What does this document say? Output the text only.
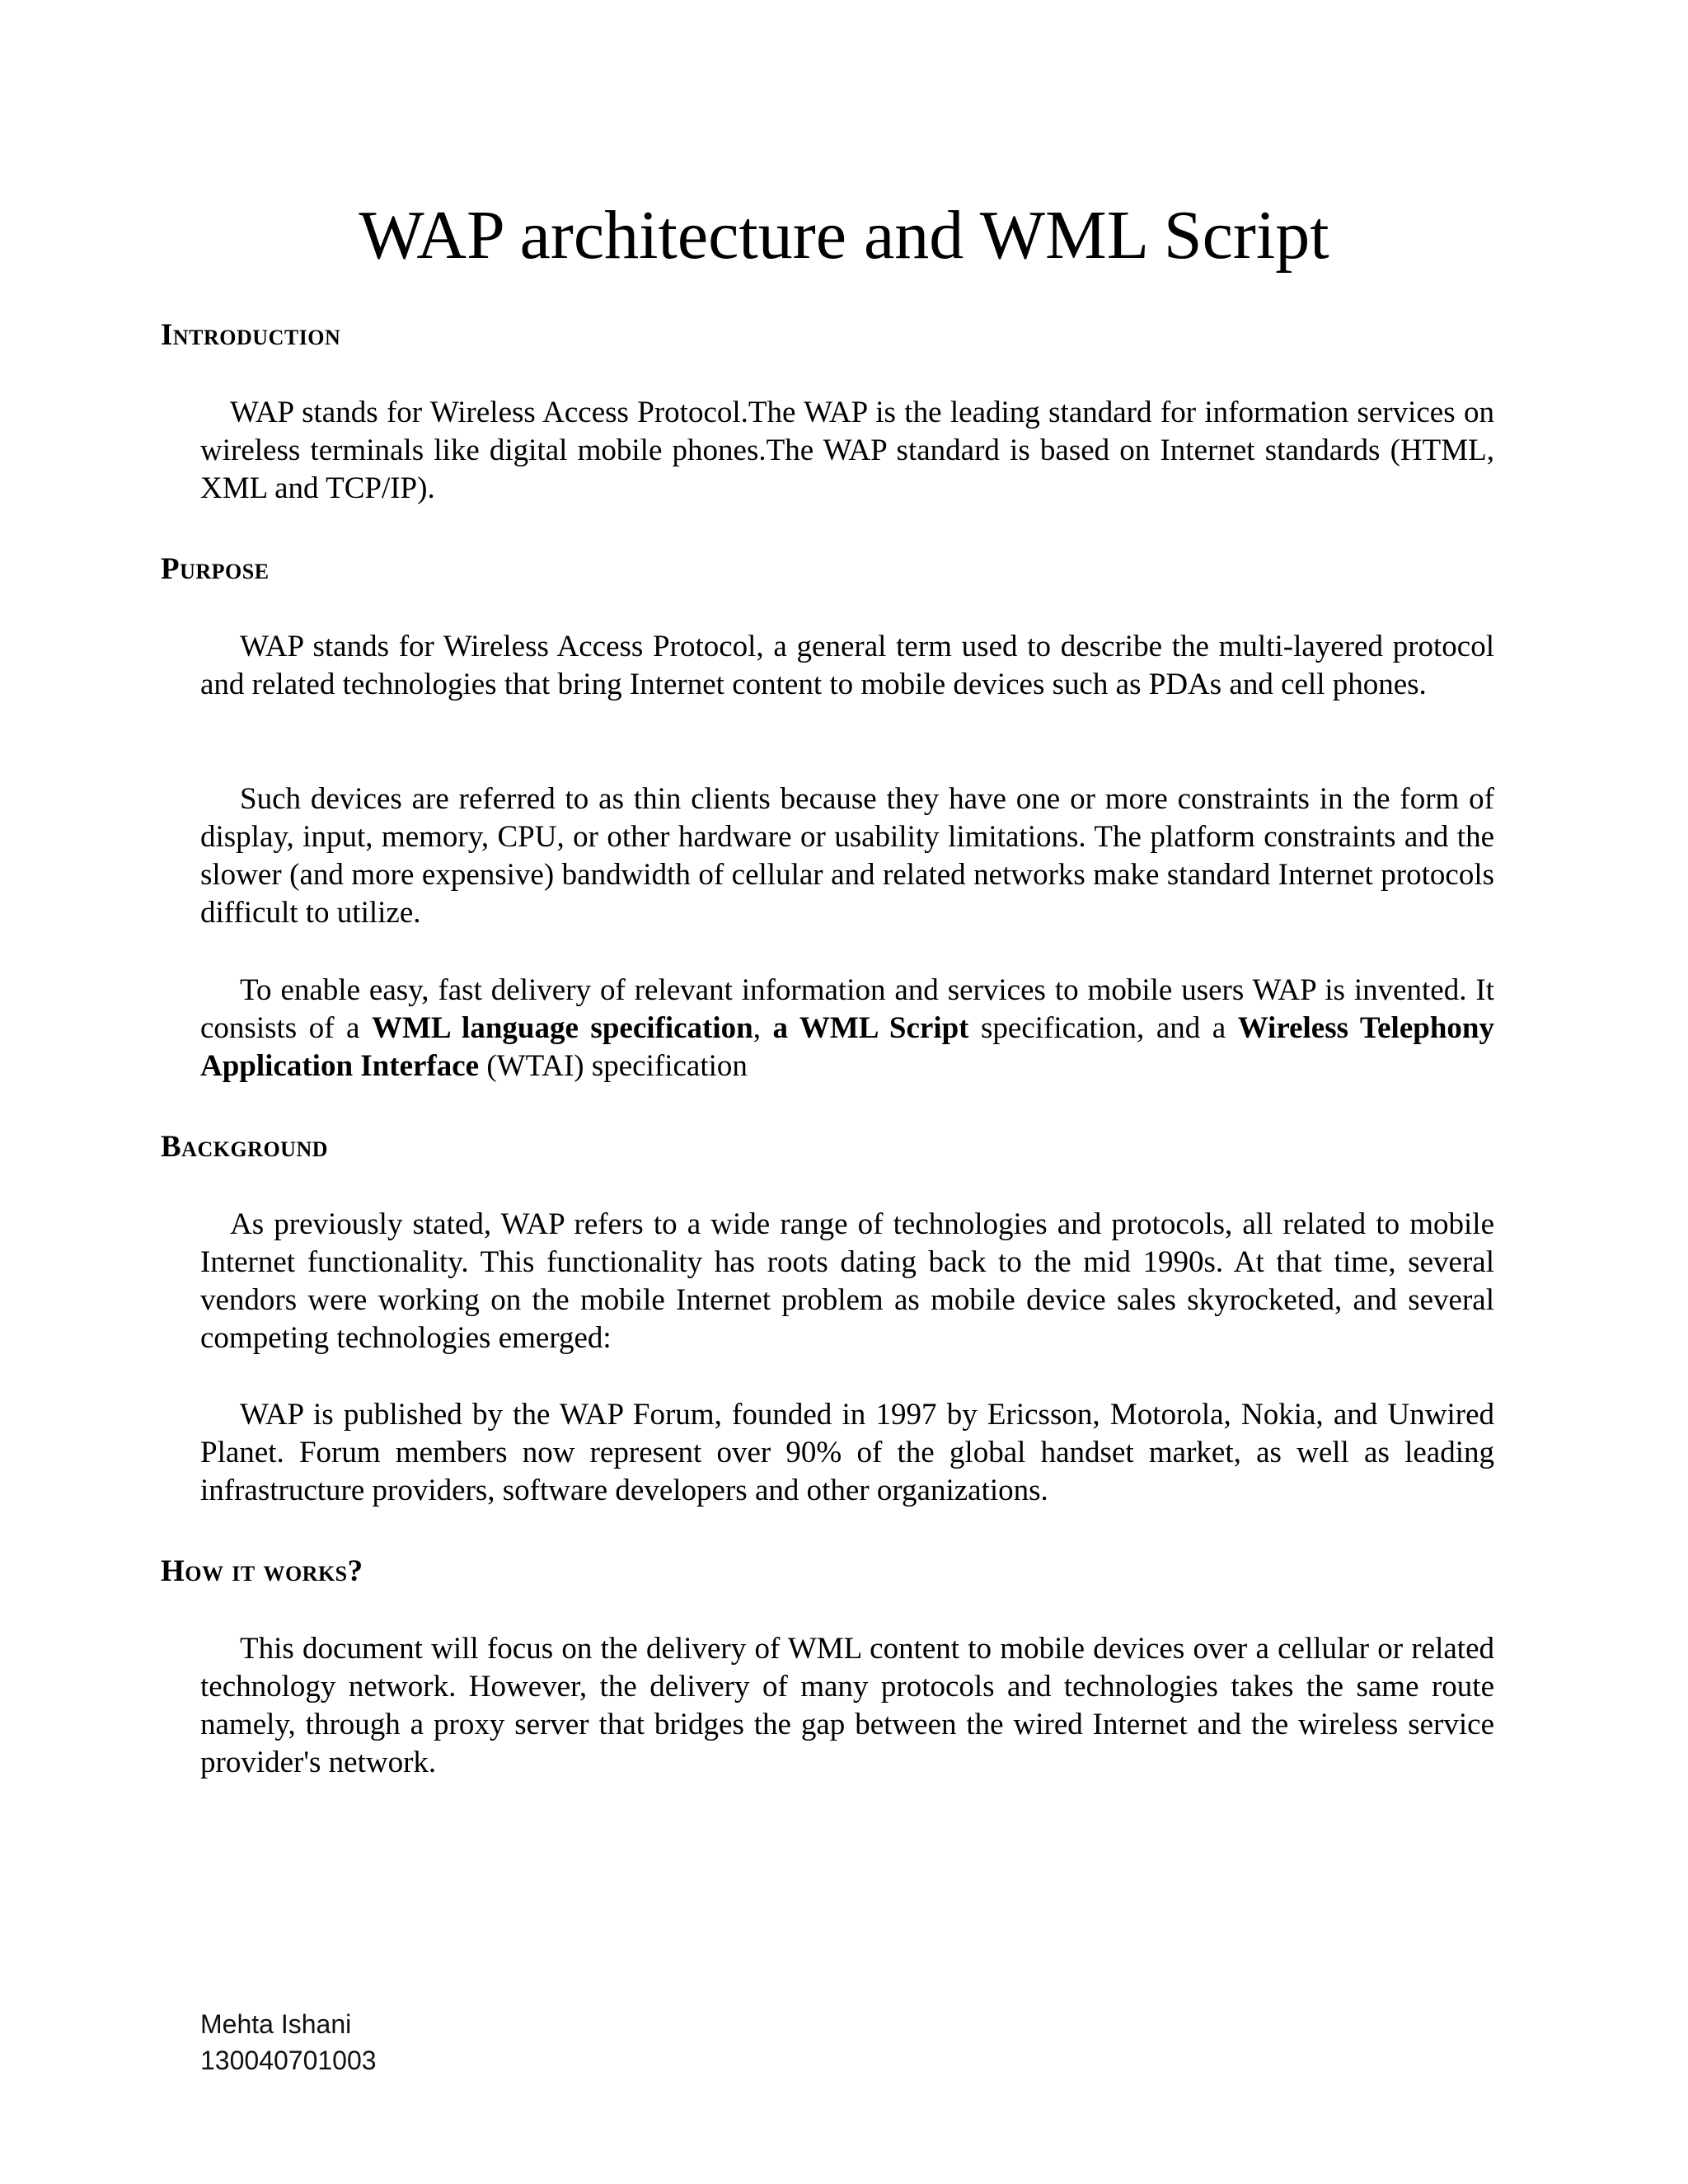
WAP architecture and WML Script
Introduction

WAP stands for Wireless Access Protocol.The WAP is the leading standard for information services on wireless terminals like digital mobile phones.The WAP standard is based on Internet standards (HTML, XML and TCP/IP).

Purpose

WAP stands for Wireless Access Protocol, a general term used to describe the multi-layered protocol and related technologies that bring Internet content to mobile devices such as PDAs and cell phones.

Such devices are referred to as thin clients because they have one or more constraints in the form of display, input, memory, CPU, or other hardware or usability limitations. The platform constraints and the slower (and more expensive) bandwidth of cellular and related networks make standard Internet protocols difficult to utilize.

To enable easy, fast delivery of relevant information and services to mobile users WAP is invented. It consists of a WML language specification, a WML Script specification, and a Wireless Telephony Application Interface (WTAI) specification

Background

As previously stated, WAP refers to a wide range of technologies and protocols, all related to mobile Internet functionality. This functionality has roots dating back to the mid 1990s. At that time, several vendors were working on the mobile Internet problem as mobile device sales skyrocketed, and several competing technologies emerged:

WAP is published by the WAP Forum, founded in 1997 by Ericsson, Motorola, Nokia, and Unwired Planet. Forum members now represent over 90% of the global handset market, as well as leading infrastructure providers, software developers and other organizations.

How it works?

This document will focus on the delivery of WML content to mobile devices over a cellular or related technology network. However, the delivery of many protocols and technologies takes the same route namely, through a proxy server that bridges the gap between the wired Internet and the wireless service provider's network.

Mehta Ishani
130040701003
